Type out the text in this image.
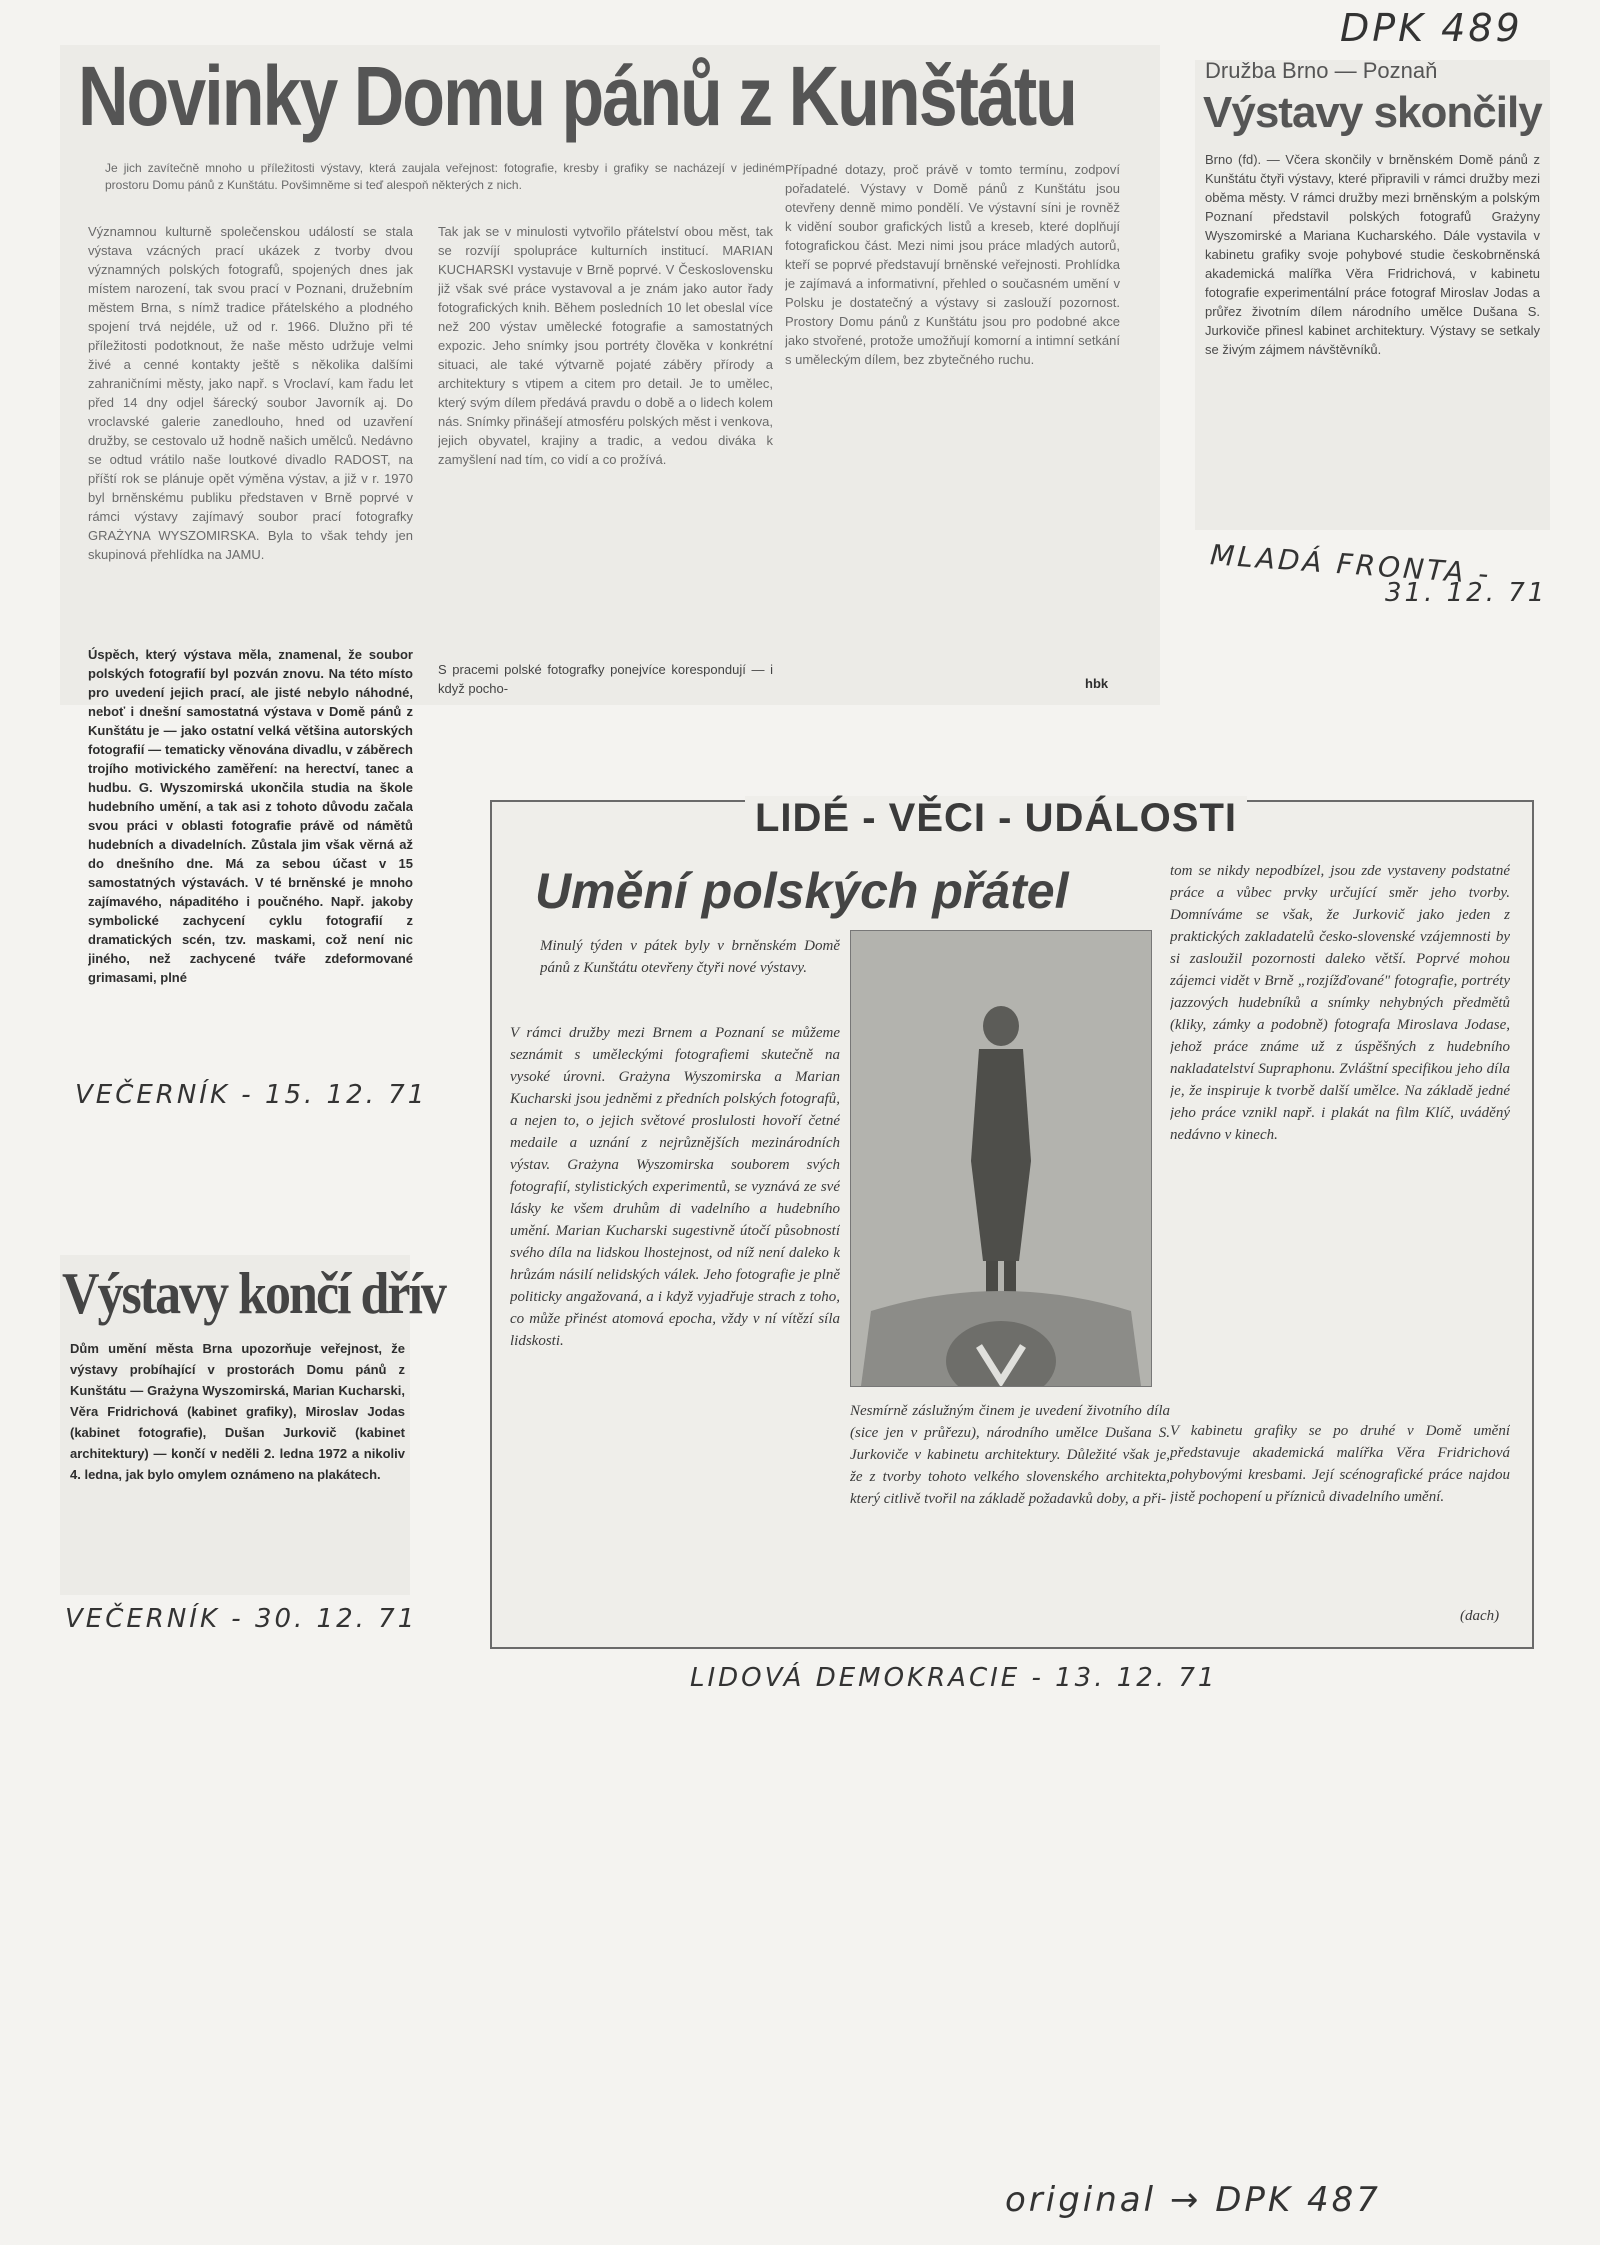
DPK 489
MLADÁ FRONTA -
31. 12. 71
VEČERNÍK - 15. 12. 71
VEČERNÍK - 30. 12. 71
LIDOVÁ DEMOKRACIE - 13. 12. 71
original → DPK 487
Novinky Domu pánů z Kunštátu
Je jich zavítečně mnoho u příležitosti výstavy, která zaujala veřejnost: fotografie, kresby i grafiky se nacházejí v jediném prostoru Domu pánů z Kunštátu. Povšimněme si teď alespoň některých z nich.
Významnou kulturně společenskou událostí se stala výstava vzácných prací ukázek z tvorby dvou významných polských fotografů, spojených dnes jak místem narození, tak svou prací v Poznani, družebním městem Brna, s nímž tradice přátelského a plodného spojení trvá nejdéle, už od r. 1966. Dlužno při té příležitosti podotknout, že naše město udržuje velmi živé a cenné kontakty ještě s několika dalšími zahraničními městy, jako např. s Vroclaví, kam řadu let před 14 dny odjel šárecký soubor Javorník aj. Do vroclavské galerie zanedlouho, hned od uzavření družby, se cestovalo už hodně našich umělců. Nedávno se odtud vrátilo naše loutkové divadlo RADOST, na příští rok se plánuje opět výměna výstav, a již v r. 1970 byl brněnskému publiku představen v Brně poprvé v rámci výstavy zajímavý soubor prací fotografky GRAŻYNA WYSZOMIRSKA. Byla to však tehdy jen skupinová přehlídka na JAMU.
Tak jak se v minulosti vytvořilo přátelství obou měst, tak se rozvíjí spolupráce kulturních institucí. MARIAN KUCHARSKI vystavuje v Brně poprvé. V Československu již však své práce vystavoval a je znám jako autor řady fotografických knih. Během posledních 10 let obeslal více než 200 výstav umělecké fotografie a samostatných expozic. Jeho snímky jsou portréty člověka v konkrétní situaci, ale také výtvarně pojaté záběry přírody a architektury s vtipem a citem pro detail. Je to umělec, který svým dílem předává pravdu o době a o lidech kolem nás. Snímky přinášejí atmosféru polských měst i venkova, jejich obyvatel, krajiny a tradic, a vedou diváka k zamyšlení nad tím, co vidí a co prožívá.
Případné dotazy, proč právě v tomto termínu, zodpoví pořadatelé. Výstavy v Domě pánů z Kunštátu jsou otevřeny denně mimo pondělí. Ve výstavní síni je rovněž k vidění soubor grafických listů a kreseb, které doplňují fotografickou část. Mezi nimi jsou práce mladých autorů, kteří se poprvé představují brněnské veřejnosti. Prohlídka je zajímavá a informativní, přehled o současném umění v Polsku je dostatečný a výstavy si zaslouží pozornost. Prostory Domu pánů z Kunštátu jsou pro podobné akce jako stvořené, protože umožňují komorní a intimní setkání s uměleckým dílem, bez zbytečného ruchu.
S pracemi polské fotografky ponejvíce korespondují — i když pocho-	hbk
Úspěch, který výstava měla, znamenal, že soubor polských fotografií byl pozván znovu. Na této místo pro uvedení jejich prací, ale jisté nebylo náhodné, neboť i dnešní samostatná výstava v Domě pánů z Kunštátu je — jako ostatní velká většina autorských fotografií — tematicky věnována divadlu, v záběrech trojího motivického zaměření: na herectví, tanec a hudbu. G. Wyszomirská ukončila studia na škole hudebního umění, a tak asi z tohoto důvodu začala svou práci v oblasti fotografie právě od námětů hudebních a divadelních. Zůstala jim však věrná až do dnešního dne. Má za sebou účast v 15 samostatných výstavách. V té brněnské je mnoho zajímavého, nápaditého i poučného. Např. jakoby symbolické zachycení cyklu fotografií z dramatických scén, tzv. maskami, což není nic jiného, než zachycené tváře zdeformované grimasami, plné
Družba Brno — Poznaň
Výstavy skončily
Brno (fd). — Včera skončily v brněnském Domě pánů z Kunštátu čtyři výstavy, které připravili v rámci družby mezi oběma městy. V rámci družby mezi brněnským a polským Poznaní představil polských fotografů Grażyny Wyszomirské a Mariana Kucharského. Dále vystavila v kabinetu grafiky svoje pohybové studie českobrněnská akademická malířka Věra Fridrichová, v kabinetu fotografie experimentální práce fotograf Miroslav Jodas a průřez životním dílem národního umělce Dušana S. Jurkoviče přinesl kabinet architektury. Výstavy se setkaly se živým zájmem návštěvníků.
Výstavy končí dřív
Dům umění města Brna upozorňuje veřejnost, že výstavy probíhající v prostorách Domu pánů z Kunštátu — Grażyna Wyszomirská, Marian Kucharski, Věra Fridrichová (kabinet grafiky), Miroslav Jodas (kabinet fotografie), Dušan Jurkovič (kabinet architektury) — končí v neděli 2. ledna 1972 a nikoliv 4. ledna, jak bylo omylem oznámeno na plakátech.
LIDÉ - VĚCI - UDÁLOSTI
Umění polských přátel
Minulý týden v pátek byly v brněnském Domě pánů z Kunštátu otevřeny čtyři nové výstavy.
V rámci družby mezi Brnem a Poznaní se můžeme seznámit s uměleckými fotografiemi skutečně na vysoké úrovni. Grażyna Wyszomirska a Marian Kucharski jsou jedněmi z předních polských fotografů, a nejen to, o jejich světové proslulosti hovoří četné medaile a uznání z nejrůznějších mezinárodních výstav. Grażyna Wyszomirska souborem svých fotografií, stylistických experimentů, se vyznává ze své lásky ke všem druhům di vadelního a hudebního umění. Marian Kucharski sugestivně útočí působností svého díla na lidskou lhostejnost, od níž není daleko k hrůzám násilí nelidských válek. Jeho fotografie je plně politicky angažovaná, a i když vyjadřuje strach z toho, co může přinést atomová epocha, vždy v ní vítězí síla lidskosti.
Nesmírně záslužným činem je uvedení životního díla (sice jen v průřezu), národního umělce Dušana S. Jurkoviče v kabinetu architektury. Důležité však je, že z tvorby tohoto velkého slovenského architekta, který citlivě tvořil na základě požadavků doby, a při-
tom se nikdy nepodbízel, jsou zde vystaveny podstatné práce a vůbec prvky určující směr jeho tvorby. Domníváme se však, že Jurkovič jako jeden z praktických zakladatelů česko-slovenské vzájemnosti by si zasloužil pozornosti daleko větší. Poprvé mohou zájemci vidět v Brně „rozjížďované" fotografie, portréty jazzových hudebníků a snímky nehybných předmětů (kliky, zámky a podobně) fotografa Miroslava Jodase, jehož práce známe už z úspěšných z hudebního nakladatelství Supraphonu. Zvláštní specifikou jeho díla je, že inspiruje k tvorbě další umělce. Na základě jedné jeho práce vznikl např. i plakát na film Klíč, uváděný nedávno v kinech.
V kabinetu grafiky se po druhé v Domě umění představuje akademická malířka Věra Fridrichová pohybovými kresbami. Její scénografické práce najdou jistě pochopení u přízniců divadelního umění.
(dach)
